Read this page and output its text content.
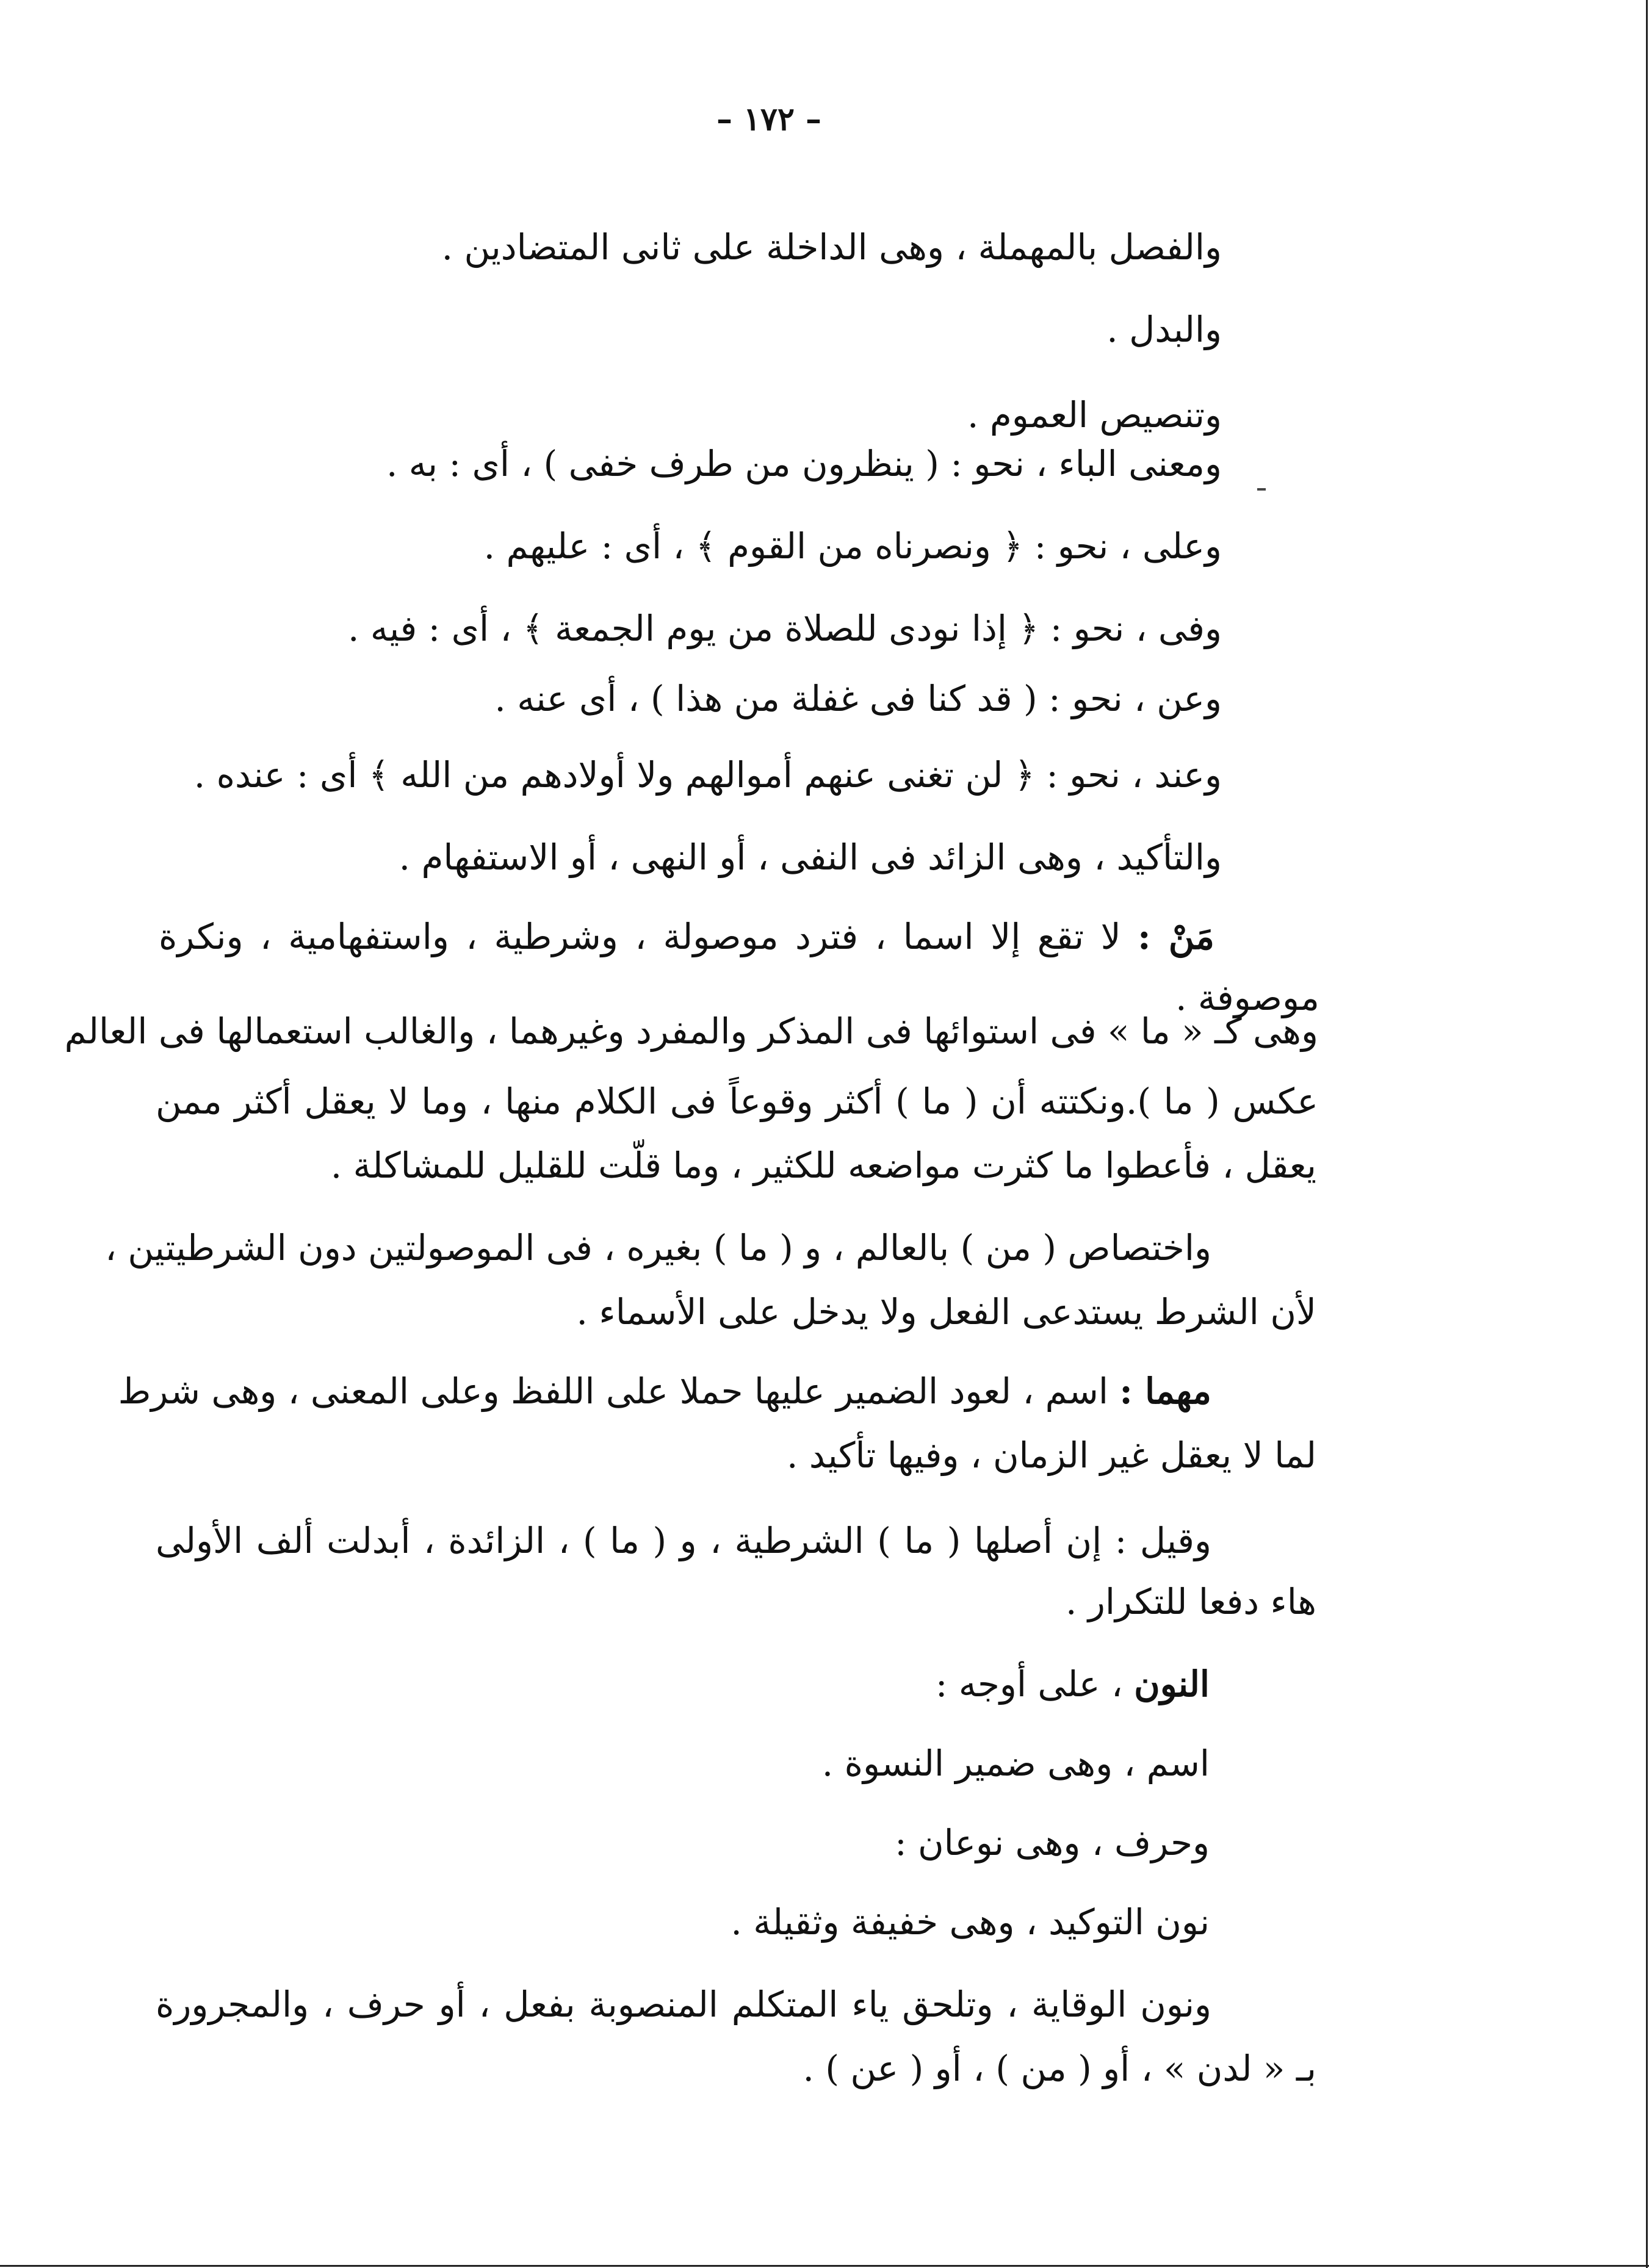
– ١٧٢ –
والفصل بالمهملة ، وهى الداخلة على ثانى المتضادين .
والبدل .
وتنصيص العموم .
ومعنى الباء ، نحو : ( ينظرون من طرف خفى ) ، أى : به .
وعلى ، نحو : ﴿ ونصرناه من القوم ﴾ ، أى : عليهم .
وفى ، نحو : ﴿ إذا نودى للصلاة من يوم الجمعة ﴾ ، أى : فيه .
وعن ، نحو : ( قد كنا فى غفلة من هذا ) ، أى عنه .
وعند ، نحو : ﴿ لن تغنى عنهم أموالهم ولا أولادهم من الله ﴾ أى : عنده .
والتأكيد ، وهى الزائد فى النفى ، أو النهى ، أو الاستفهام .
مَنْ : لا تقع إلا اسما ، فترد موصولة ، وشرطية ، واستفهامية ، ونكرة
موصوفة .
وهى كـ « ما » فى استوائها فى المذكر والمفرد وغيرهما ، والغالب استعمالها فى العالم
عكس ( ما ).ونكتته أن ( ما ) أكثر وقوعاً فى الكلام منها ، وما لا يعقل أكثر ممن
يعقل ، فأعطوا ما كثرت مواضعه للكثير ، وما قلّت للقليل للمشاكلة .
واختصاص ( من ) بالعالم ، و ( ما ) بغيره ، فى الموصولتين دون الشرطيتين ،
لأن الشرط يستدعى الفعل ولا يدخل على الأسماء .
مهما : اسم ، لعود الضمير عليها حملا على اللفظ وعلى المعنى ، وهى شرط
لما لا يعقل غير الزمان ، وفيها تأكيد .
وقيل : إن أصلها ( ما ) الشرطية ، و ( ما ) ، الزائدة ، أبدلت ألف الأولى
هاء دفعا للتكرار .
النون ، على أوجه :
اسم ، وهى ضمير النسوة .
وحرف ، وهى نوعان :
نون التوكيد ، وهى خفيفة وثقيلة .
ونون الوقاية ، وتلحق ياء المتكلم المنصوبة بفعل ، أو حرف ، والمجرورة
بـ « لدن » ، أو ( من ) ، أو ( عن ) .
